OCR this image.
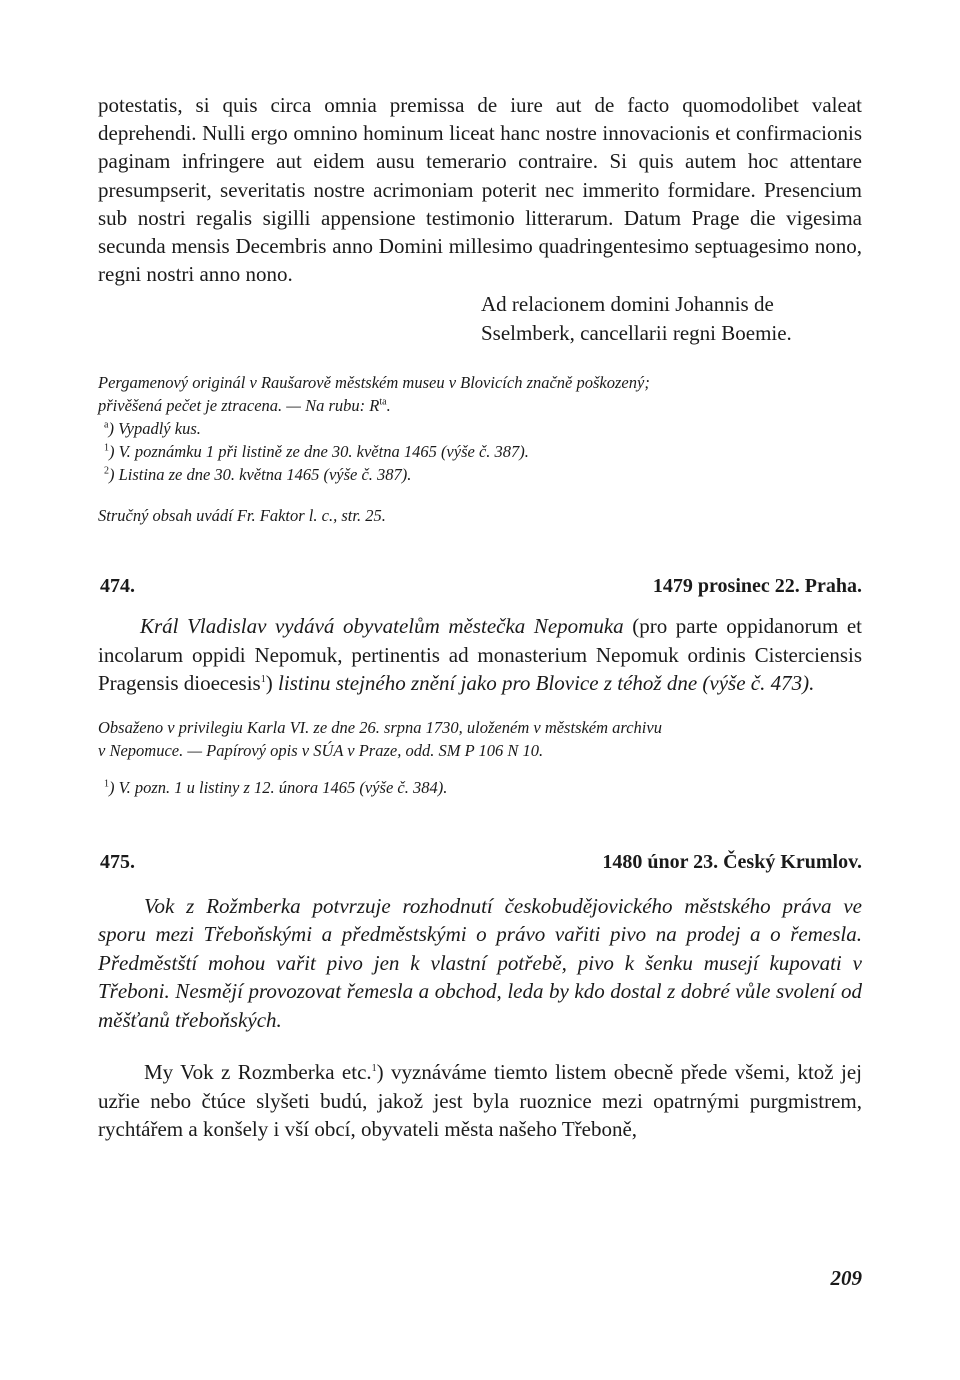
potestatis, si quis circa omnia premissa de iure aut de facto quomodolibet valeat deprehendi. Nulli ergo omnino hominum liceat hanc nostre innovacionis et confirmacionis paginam infringere aut eidem ausu temerario contraire. Si quis autem hoc attentare presumpserit, severitatis nostre acrimoniam poterit nec immerito formidare. Presencium sub nostri regalis sigilli appensione testimonio litterarum. Datum Prage die vigesima secunda mensis Decembris anno Domini millesimo quadringentesimo septuagesimo nono, regni nostri anno nono.

Ad relacionem domini Johannis de
Sselmberk, cancellarii regni Boemie.

Pergamenový originál v Raušarově městském museu v Blovicích značně poškozený;

přivěšená pečet je ztracena. — Na rubu: $R^{ta}$.

$^a$) Vypadlý kus.

$^1$) V. poznámku 1 při listině ze dne 30. května 1465 (výše č. 387).

$^2$) Listina ze dne 30. května 1465 (výše č. 387).

Stručný obsah uvádí Fr. Faktor l. c., str. 25.

474.	1479 prosinec 22. Praha.

Král Vladislav vydává obyvatelům městečka Nepomuka (pro parte oppidanorum et incolarum oppidi Nepomuk, pertinentis ad monasterium Nepomuk ordinis Cisterciensis Pragensis dioecesis$^1$) listinu stejného znění jako pro Blovice z téhož dne (výše č. 473).

Obsaženo v privilegiu Karla VI. ze dne 26. srpna 1730, uloženém v městském archivu

v Nepomuce. — Papírový opis v SÚA v Praze, odd. SM P 106 N 10.

$^1$) V. pozn. 1 u listiny z 12. února 1465 (výše č. 384).

475.	1480 únor 23. Český Krumlov.

Vok z Rožmberka potvrzuje rozhodnutí českobudějovického městského práva ve sporu mezi Třeboňskými a předměstskými o právo vařiti pivo na prodej a o řemesla. Předměstští mohou vařit pivo jen k vlastní potřebě, pivo k šenku musejí kupovati v Třeboni. Nesmějí provozovat řemesla a obchod, leda by kdo dostal z dobré vůle svolení od měšťanů třeboňských.

My Vok z Rozmberka etc.$^1$) vyznáváme tiemto listem obecně přede všemi, ktož jej uzřie nebo čtúce slyšeti budú, jakož jest byla ruoznice mezi opatrnými purgmistrem, rychtářem a konšely i vší obcí, obyvateli města našeho Třeboně,

209
